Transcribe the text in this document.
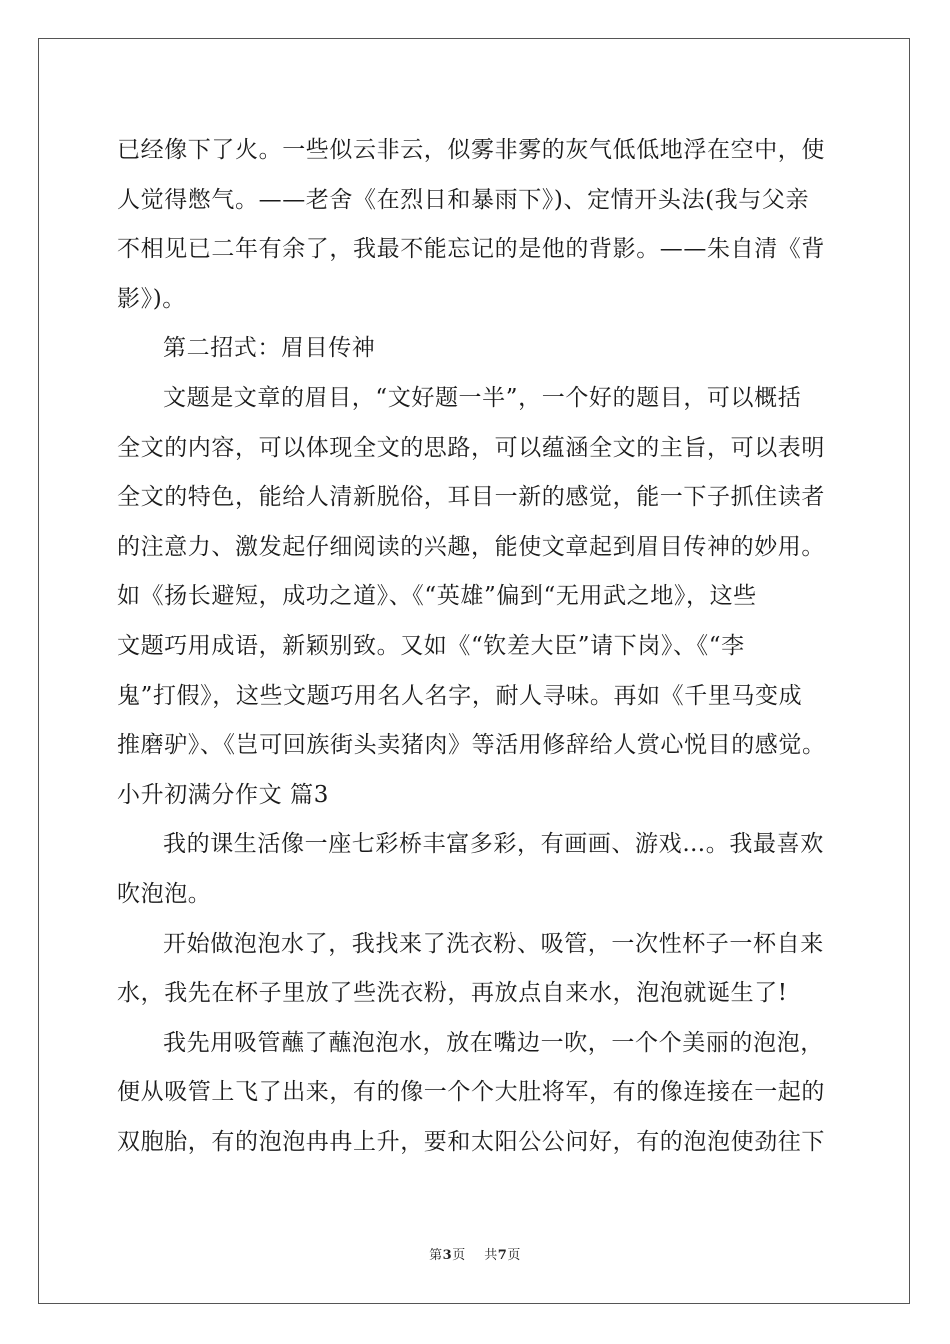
已经像下了火。一些似云非云，似雾非雾的灰气低低地浮在空中，使
人觉得憋气。——老舍《在烈日和暴雨下》)、定情开头法(我与父亲
不相见已二年有余了，我最不能忘记的是他的背影。——朱自清《背
影》)。
第二招式：眉目传神
文题是文章的眉目，“文好题一半”，一个好的题目，可以概括
全文的内容，可以体现全文的思路，可以蕴涵全文的主旨，可以表明
全文的特色，能给人清新脱俗，耳目一新的感觉，能一下子抓住读者
的注意力、激发起仔细阅读的兴趣，能使文章起到眉目传神的妙用。
如《扬长避短，成功之道》、《“英雄”偏到“无用武之地》，这些
文题巧用成语，新颖别致。又如《“钦差大臣”请下岗》、《“李
鬼”打假》，这些文题巧用名人名字，耐人寻味。再如《千里马变成
推磨驴》、《岂可回族街头卖猪肉》等活用修辞给人赏心悦目的感觉。
小升初满分作文 篇3
我的课生活像一座七彩桥丰富多彩，有画画、游戏…。我最喜欢
吹泡泡。
开始做泡泡水了，我找来了洗衣粉、吸管，一次性杯子一杯自来
水，我先在杯子里放了些洗衣粉，再放点自来水，泡泡就诞生了!
我先用吸管蘸了蘸泡泡水，放在嘴边一吹，一个个美丽的泡泡，
便从吸管上飞了出来，有的像一个个大肚将军，有的像连接在一起的
双胞胎，有的泡泡冉冉上升，要和太阳公公问好，有的泡泡使劲往下
第3页 共7页
